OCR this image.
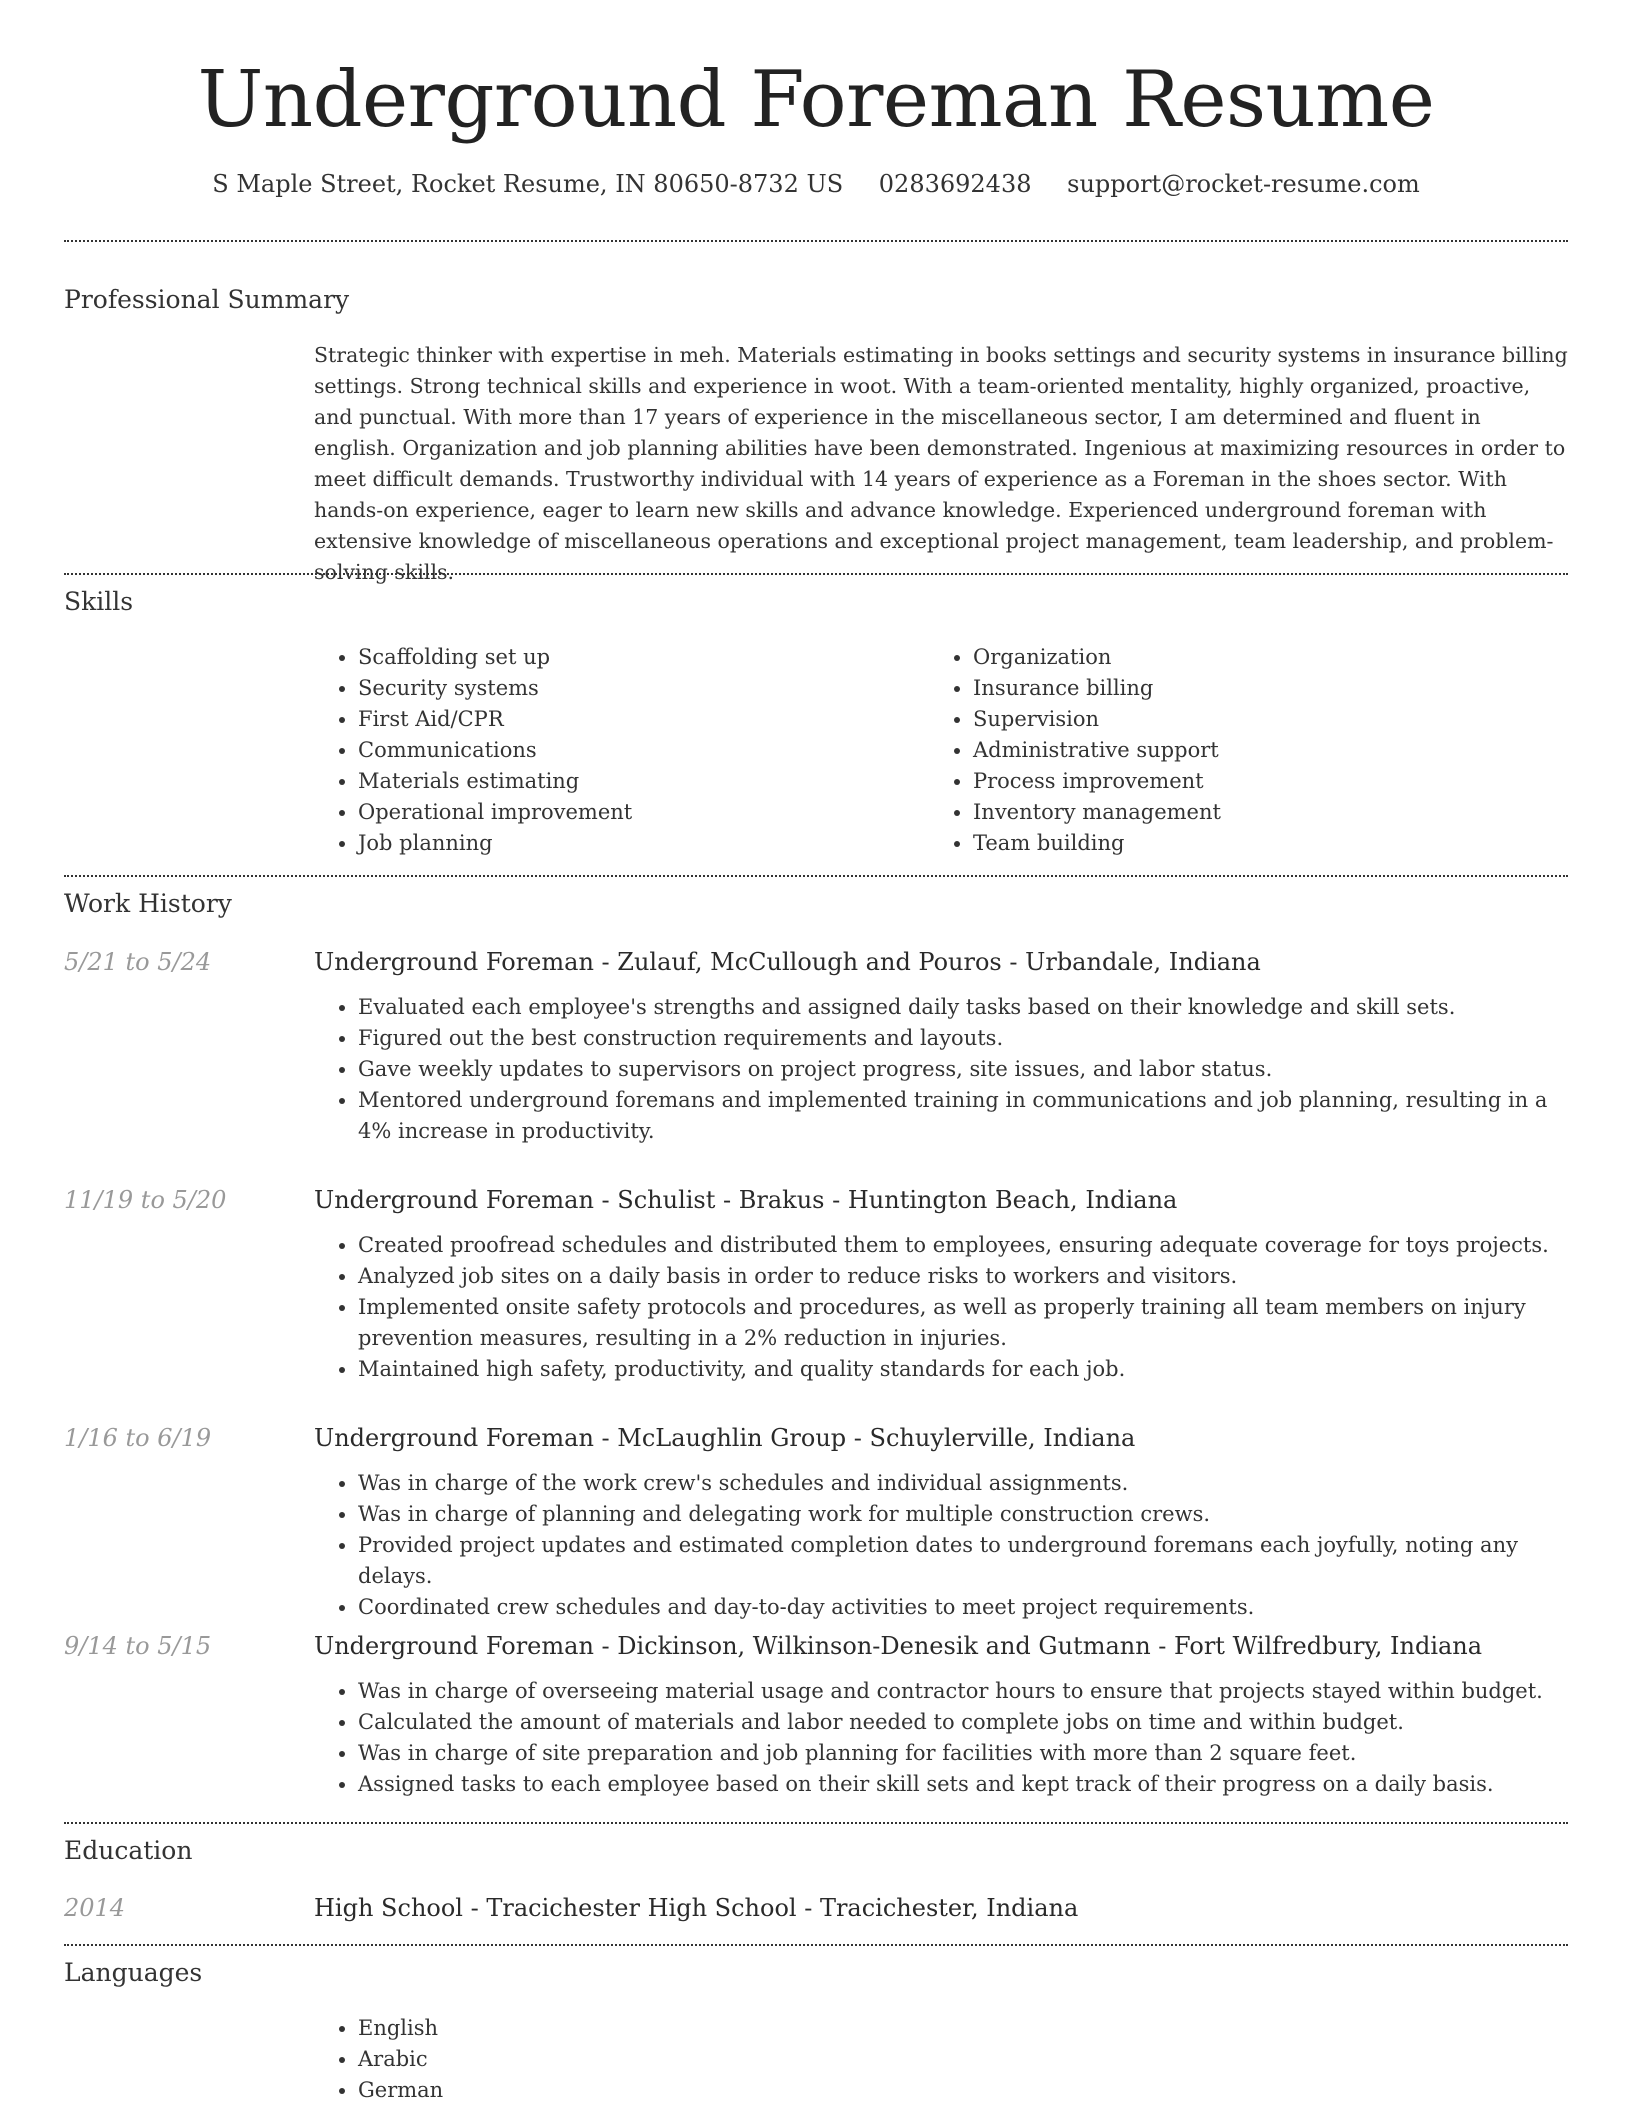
Underground Foreman Resume
S Maple Street, Rocket Resume, IN 80650-8732 US 0283692438 support@rocket-resume.com
Professional Summary

Strategic thinker with expertise in meh. Materials estimating in books settings and security systems in insurance billing settings. Strong technical skills and experience in woot. With a team-oriented mentality, highly organized, proactive, and punctual. With more than 17 years of experience in the miscellaneous sector, I am determined and fluent in english. Organization and job planning abilities have been demonstrated. Ingenious at maximizing resources in order to meet difficult demands. Trustworthy individual with 14 years of experience as a Foreman in the shoes sector. With hands-on experience, eager to learn new skills and advance knowledge. Experienced underground foreman with extensive knowledge of miscellaneous operations and exceptional project management, team leadership, and problem-solving skills.

Skills
• Scaffolding set up
• Security systems
• First Aid/CPR
• Communications
• Materials estimating
• Operational improvement
• Job planning
• Organization
• Insurance billing
• Supervision
• Administrative support
• Process improvement
• Inventory management
• Team building
Work History
5/21 to 5/24	Underground Foreman - Zulauf, McCullough and Pouros - Urbandale, Indiana

• Evaluated each employee's strengths and assigned daily tasks based on their knowledge and skill sets.
• Figured out the best construction requirements and layouts.
• Gave weekly updates to supervisors on project progress, site issues, and labor status.
• Mentored underground foremans and implemented training in communications and job planning, resulting in a 4% increase in productivity.
11/19 to 5/20	Underground Foreman - Schulist - Brakus - Huntington Beach, Indiana

• Created proofread schedules and distributed them to employees, ensuring adequate coverage for toys projects.
• Analyzed job sites on a daily basis in order to reduce risks to workers and visitors.
• Implemented onsite safety protocols and procedures, as well as properly training all team members on injury prevention measures, resulting in a 2% reduction in injuries.
• Maintained high safety, productivity, and quality standards for each job.
1/16 to 6/19	Underground Foreman - McLaughlin Group - Schuylerville, Indiana

• Was in charge of the work crew's schedules and individual assignments.
• Was in charge of planning and delegating work for multiple construction crews.
• Provided project updates and estimated completion dates to underground foremans each joyfully, noting any delays.
• Coordinated crew schedules and day-to-day activities to meet project requirements.
9/14 to 5/15	Underground Foreman - Dickinson, Wilkinson-Denesik and Gutmann - Fort Wilfredbury, Indiana

• Was in charge of overseeing material usage and contractor hours to ensure that projects stayed within budget.
• Calculated the amount of materials and labor needed to complete jobs on time and within budget.
• Was in charge of site preparation and job planning for facilities with more than 2 square feet.
• Assigned tasks to each employee based on their skill sets and kept track of their progress on a daily basis.
Education
2014	High School - Tracichester High School - Tracichester, Indiana

Languages
• English
• Arabic
• German
